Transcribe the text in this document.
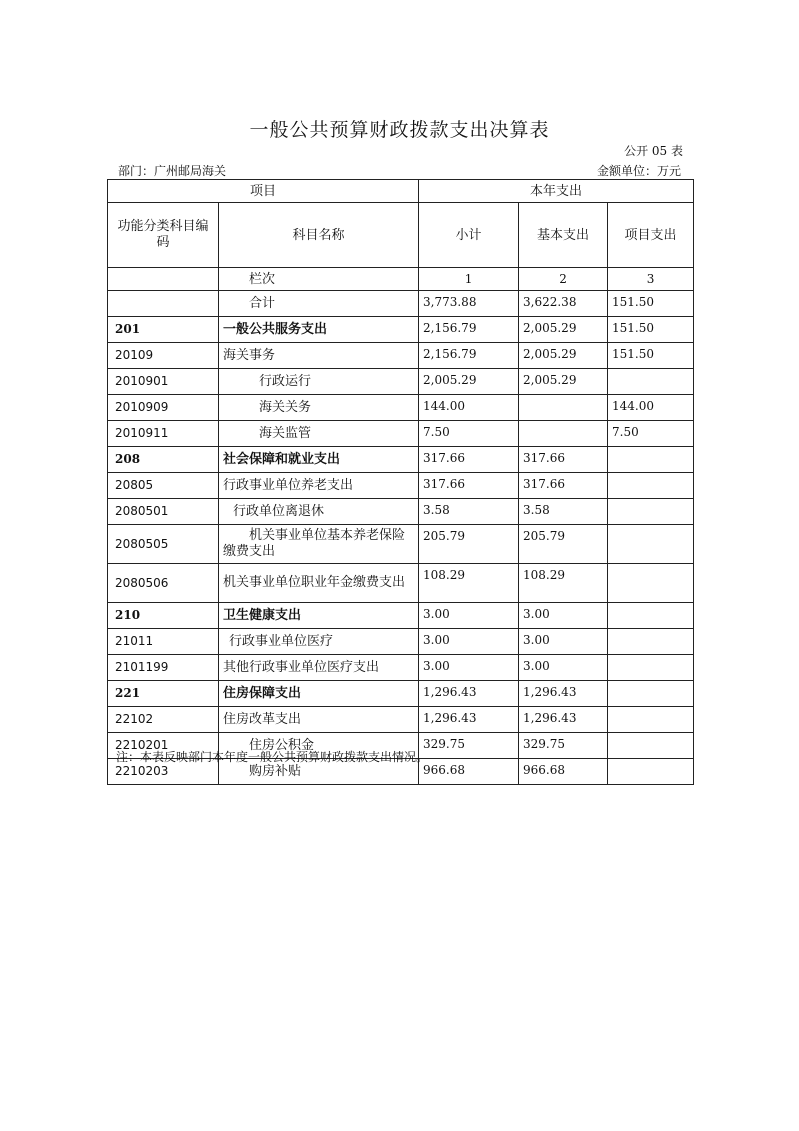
一般公共预算财政拨款支出决算表
公开 05 表
部门：广州邮局海关	金额单位：万元
项目		本年支出		
功能分类科目编码	科目名称	小计	基本支出	项目支出
	栏次	1	2	3
	合计	3,773.88	3,622.38	151.50
201	一般公共服务支出	2,156.79	2,005.29	151.50
20109	海关事务	2,156.79	2,005.29	151.50
2010901	行政运行	2,005.29	2,005.29	
2010909	海关关务	144.00		144.00
2010911	海关监管	7.50		7.50
208	社会保障和就业支出	317.66	317.66	
20805	行政事业单位养老支出	317.66	317.66	
2080501	行政单位离退休	3.58	3.58	
2080505	机关事业单位基本养老保险缴费支出	205.79	205.79	
2080506	机关事业单位职业年金缴费支出	108.29	108.29	
210	卫生健康支出	3.00	3.00	
21011	行政事业单位医疗	3.00	3.00	
2101199	其他行政事业单位医疗支出	3.00	3.00	
221	住房保障支出	1,296.43	1,296.43	
22102	住房改革支出	1,296.43	1,296.43	
2210201	住房公积金	329.75	329.75	
2210203	购房补贴	966.68	966.68	
注：本表反映部门本年度一般公共预算财政拨款支出情况。
